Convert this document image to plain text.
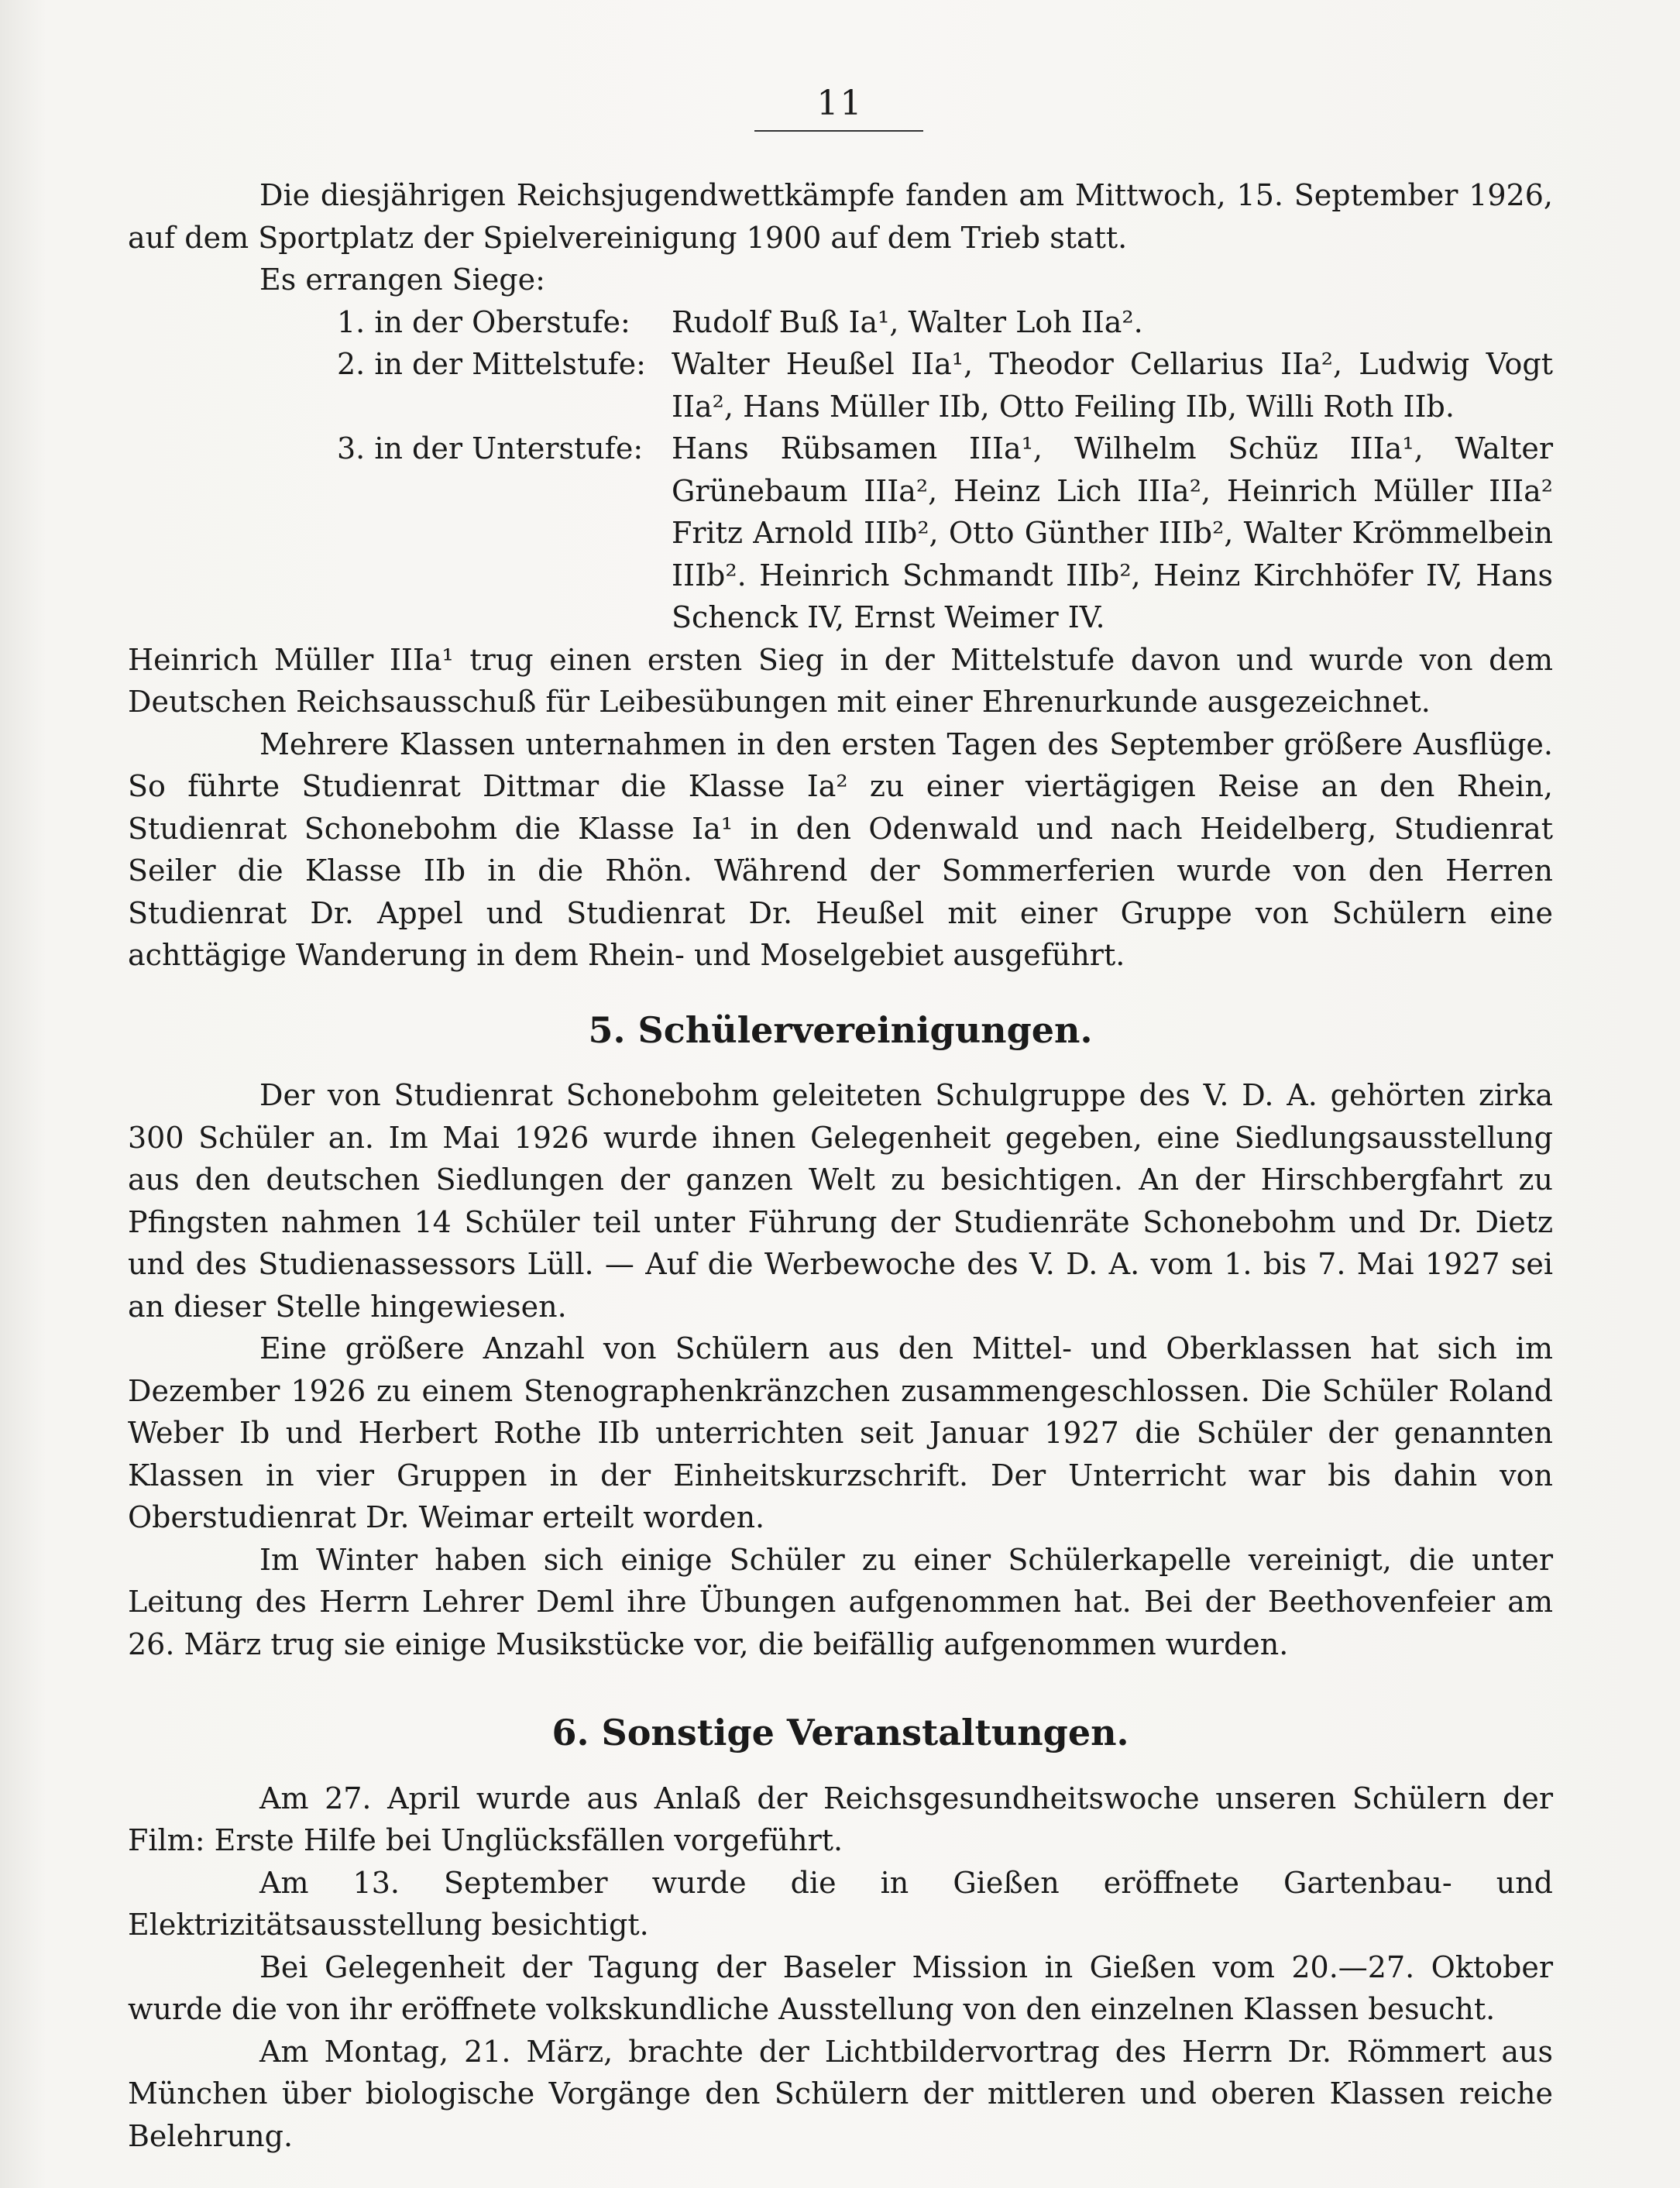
11

Die diesjährigen Reichsjugendwettkämpfe fanden am Mittwoch, 15. September 1926, auf dem Sportplatz der Spielvereinigung 1900 auf dem Trieb statt.

Es errangen Siege:

1. in der Oberstufe:	Rudolf Buß Ia¹, Walter Loh IIa².
2. in der Mittelstufe: Walter Heußel IIa¹, Theodor Cellarius IIa², Ludwig Vogt IIa², Hans Müller IIb, Otto Feiling IIb, Willi Roth IIb.
3. in der Unterstufe: Hans Rübsamen IIIa¹, Wilhelm Schüz IIIa¹, Walter Grünebaum IIIa², Heinz Lich IIIa², Heinrich Müller IIIa² Fritz Arnold IIIb², Otto Günther IIIb², Walter Krömmelbein IIIb². Heinrich Schmandt IIIb², Heinz Kirchhöfer IV, Hans Schenck IV, Ernst Weimer IV.

Heinrich Müller IIIa¹ trug einen ersten Sieg in der Mittelstufe davon und wurde von dem Deutschen Reichsausschuß für Leibesübungen mit einer Ehrenurkunde ausgezeichnet.

Mehrere Klassen unternahmen in den ersten Tagen des September größere Ausflüge. So führte Studienrat Dittmar die Klasse Ia² zu einer viertägigen Reise an den Rhein, Studienrat Schonebohm die Klasse Ia¹ in den Odenwald und nach Heidelberg, Studienrat Seiler die Klasse IIb in die Rhön. Während der Sommerferien wurde von den Herren Studienrat Dr. Appel und Studienrat Dr. Heußel mit einer Gruppe von Schülern eine achttägige Wanderung in dem Rhein- und Moselgebiet ausgeführt.

5. Schülervereinigungen.

Der von Studienrat Schonebohm geleiteten Schulgruppe des V. D. A. gehörten zirka 300 Schüler an. Im Mai 1926 wurde ihnen Gelegenheit gegeben, eine Siedlungsausstellung aus den deutschen Siedlungen der ganzen Welt zu besichtigen. An der Hirschbergfahrt zu Pfingsten nahmen 14 Schüler teil unter Führung der Studienräte Schonebohm und Dr. Dietz und des Studienassessors Lüll. — Auf die Werbewoche des V. D. A. vom 1. bis 7. Mai 1927 sei an dieser Stelle hingewiesen.

Eine größere Anzahl von Schülern aus den Mittel- und Oberklassen hat sich im Dezember 1926 zu einem Stenographenkränzchen zusammengeschlossen. Die Schüler Roland Weber Ib und Herbert Rothe IIb unterrichten seit Januar 1927 die Schüler der genannten Klassen in vier Gruppen in der Einheitskurzschrift. Der Unterricht war bis dahin von Oberstudienrat Dr. Weimar erteilt worden.

Im Winter haben sich einige Schüler zu einer Schülerkapelle vereinigt, die unter Leitung des Herrn Lehrer Deml ihre Übungen aufgenommen hat. Bei der Beethovenfeier am 26. März trug sie einige Musikstücke vor, die beifällig aufgenommen wurden.

6. Sonstige Veranstaltungen.

Am 27. April wurde aus Anlaß der Reichsgesundheitswoche unseren Schülern der Film: Erste Hilfe bei Unglücksfällen vorgeführt.

Am 13. September wurde die in Gießen eröffnete Gartenbau- und Elektrizitätsausstellung besichtigt.

Bei Gelegenheit der Tagung der Baseler Mission in Gießen vom 20.—27. Oktober wurde die von ihr eröffnete volkskundliche Ausstellung von den einzelnen Klassen besucht.

Am Montag, 21. März, brachte der Lichtbildervortrag des Herrn Dr. Römmert aus München über biologische Vorgänge den Schülern der mittleren und oberen Klassen reiche Belehrung.
